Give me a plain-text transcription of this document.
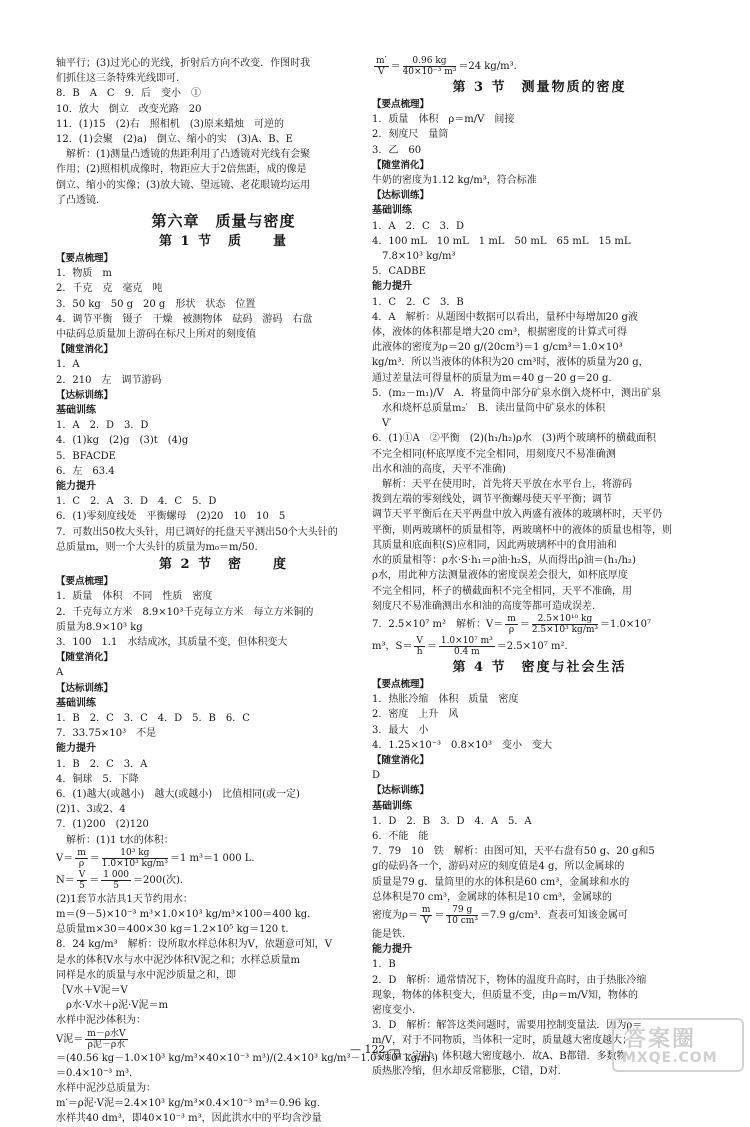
轴平行；(3)过光心的光线，折射后方向不改变．作图时我
们抓住这三条特殊光线即可.
8．B　A　C　9．后　变小　①
10．放大　倒立　改变光路　20
11．(1)15　(2)右　照相机　(3)原来蜡烛　可逆的
12．(1)会聚　(2)a)　倒立、缩小的实　(3)A、B、E
　解析：(1)测量凸透镜的焦距利用了凸透镜对光线有会聚
作用；(2)照相机成像时，物距应大于2倍焦距，成的像是
倒立、缩小的实像；(3)放大镜、望远镜、老花眼镜均运用
了凸透镜.
第六章　质量与密度
第 1 节　质　　量
【要点梳理】
1．物质　m
2．千克　克　毫克　吨
3．50 kg　50 g　20 g　形状　状态　位置
4．调节平衡　镊子　干燥　被测物体　砝码　游码　右盘
中砝码总质量加上游码在标尺上所对的刻度值
【随堂消化】
1．A
2．210　左　调节游码
【达标训练】
基础训练
1．A　2．D　3．D
4．(1)kg　(2)g　(3)t　(4)g
5．BFACDE
6．左　63.4
能力提升
1．C　2．A　3．D　4．C　5．D
6．(1)零刻度线处　平衡螺母　(2)20　10　10　5
7．可数出50枚大头针，用已调好的托盘天平测出50个大头针的
总质量m，则一个大头针的质量为m₀＝m/50.
第 2 节　密　　度
【要点梳理】
1．质量　体积　不同　性质　密度
2．千克每立方米　8.9×10³千克每立方米　每立方米铜的
质量为8.9×10³ kg
3．100　1.1　水结成冰，其质量不变，但体积变大
【随堂消化】
A
【达标训练】
基础训练
1．B　2．C　3．C　4．D　5．B　6．C
7．33.75×10³　不是
能力提升
1．B　2．C　3．A
4．铜球　5．下降
6．(1)越大(或越小)　越大(或越小)　比值相同(或一定)
(2)1、3或2、4
7．(1)200　(2)120
　解析：(1)1 t水的体积：
$V= \frac{m}{\rho} = \frac{\text{10³ kg}}{\text{1.0×10³ kg/m³}} =1$ m³＝1 000 L.
$N= \frac{V}{5} = \frac{1 000}{5} =200$(次).
(2)1套节水洁具1天节约用水：
m＝(9－5)×10⁻³ m³×1.0×10³ kg/m³×100＝400 kg.
总质量m×30＝400×30 kg＝1.2×10⁵ kg＝120 t.
8．24 kg/m³　解析：设所取水样总体积为V，依题意可知，V
是水的体积V水与水中泥沙体积V泥之和；水样总质量m
同样是水的质量与水中泥沙质量之和，即
｛V水＋V泥＝V
　ρ水·V水＋ρ泥·V泥＝m
水样中泥沙体积为：
V泥＝ $\frac{\text{m－ρ水V}}{\text{ρ泥－ρ水}}$
＝(40.56 kg－1.0×10³ kg/m³×40×10⁻³ m³)/(2.4×10³ kg/m³－1.0×10³ kg/m³)
＝0.4×10⁻³ m³.
水样中泥沙总质量为：
m′＝ρ泥·V泥＝2.4×10³ kg/m³×0.4×10⁻³ m³＝0.96 kg.
水样共40 dm³，即40×10⁻³ m³，因此洪水中的平均含沙量
$\frac{m'}{V} = \frac{0.96 kg}{\text{40×10⁻³ m³}} =24$ kg/m³.
第 3 节　测量物质的密度
【要点梳理】
1．质量　体积　ρ＝m/V　间接
2．刻度尺　量筒
3．乙　60
【随堂消化】
牛奶的密度为1.12 kg/m³，符合标准
【达标训练】
基础训练
1．A　2．C　3．D
4．100 mL　10 mL　1 mL　50 mL　65 mL　15 mL
　7.8×10³ kg/m³
5．CADBE
能力提升
1．C　2．C　3．B
4．A　解析：从题图中数据可以看出，量杯中每增加20 g液
体，液体的体积都是增大20 cm³，根据密度的计算式可得
此液体的密度为ρ＝20 g/(20cm³)＝1 g/cm³＝1.0×10³
kg/m³．所以当液体的体积为20 cm³时，液体的质量为20 g，
通过差量法可得量杯的质量为m＝40 g－20 g＝20 g.
5．(m₂－m₁)/V　A．将量筒中部分矿泉水倒入烧杯中，测出矿泉
　水和烧杯总质量m₂′　B．读出量筒中矿泉水的体积
　V′
6．(1)①A　②平衡　(2)(h₁/h₂)ρ水　(3)两个玻璃杯的横截面积
不完全相同(杯底厚度不完全相同，用刻度尺不易准确测
出水和油的高度，天平不准确)
　解析：天平在使用时，首先将天平放在水平台上，将游码
拨到左端的零刻线处，调节平衡螺母使天平平衡；调节
调节天平平衡后在天平两盘中放入两盛有液体的玻璃杯时，天平仍
平衡，则两玻璃杯的质量相等，两玻璃杯中的液体的质量也相等，则
其质量和底面积(S)应相同，因此两玻璃杯中的食用油和
水的质量相等：ρ水·S·h₁＝ρ油·h₂S，从而得出ρ油＝(h₁/h₂)
ρ水，用此种方法测量液体的密度误差会很大，如杯底厚度
不完全相同，杯子的横截面积不完全相同，天平不准确，用
刻度尺不易准确测出水和油的高度等都可造成误差.
7．2.5×10⁷ m²　解析：$V= \frac{m}{\rho} = \frac{\text{2.5×10¹⁰ kg}}{\text{2.5×10³ kg/m³}} =1.0\times 10^7$
m³，$S= \frac{V}{h} = \frac{\text{1.0×10⁷ m³}}{0.4 m} =2.5\times 10^7$ m².
第 4 节　密度与社会生活
【要点梳理】
1．热胀冷缩　体积　质量　密度
2．密度　上升　风
3．最大　小
4．1.25×10⁻³　0.8×10³　变小　变大
【随堂消化】
D
【达标训练】
基础训练
1．D　2．B　3．D　4．A　5．A
6．不能　能
7．79　10　铁　解析：由图可知，天平右盘有50 g、20 g和5
g的砝码各一个，游码对应的刻度值是4 g，所以金属球的
质量是79 g．量筒里的水的体积是60 cm³，金属球和水的
总体积是70 cm³，金属球的体积是10 cm³，金属球的
密度为$\rho= \frac{m}{V} = \frac{79 g}{\text{10 cm³}} =7.9$ g/cm³．查表可知该金属可
能是铁.
能力提升
1．B
2．D　解析：通常情况下，物体的温度升高时，由于热胀冷缩
现象，物体的体积变大，但质量不变，由ρ＝m/V知，物体的
密度变小.
3．D　解析：解答这类问题时，需要用控制变量法．因为ρ＝
m/V，对于不同物质，当体积一定时，质量越大密度越大；
当质量一定时，体积越大密度越小．故A、B都错．多数物
质热胀冷缩，但水却反常膨胀，C错，D对.
— 122 —	答案圈
MXQE.COM
